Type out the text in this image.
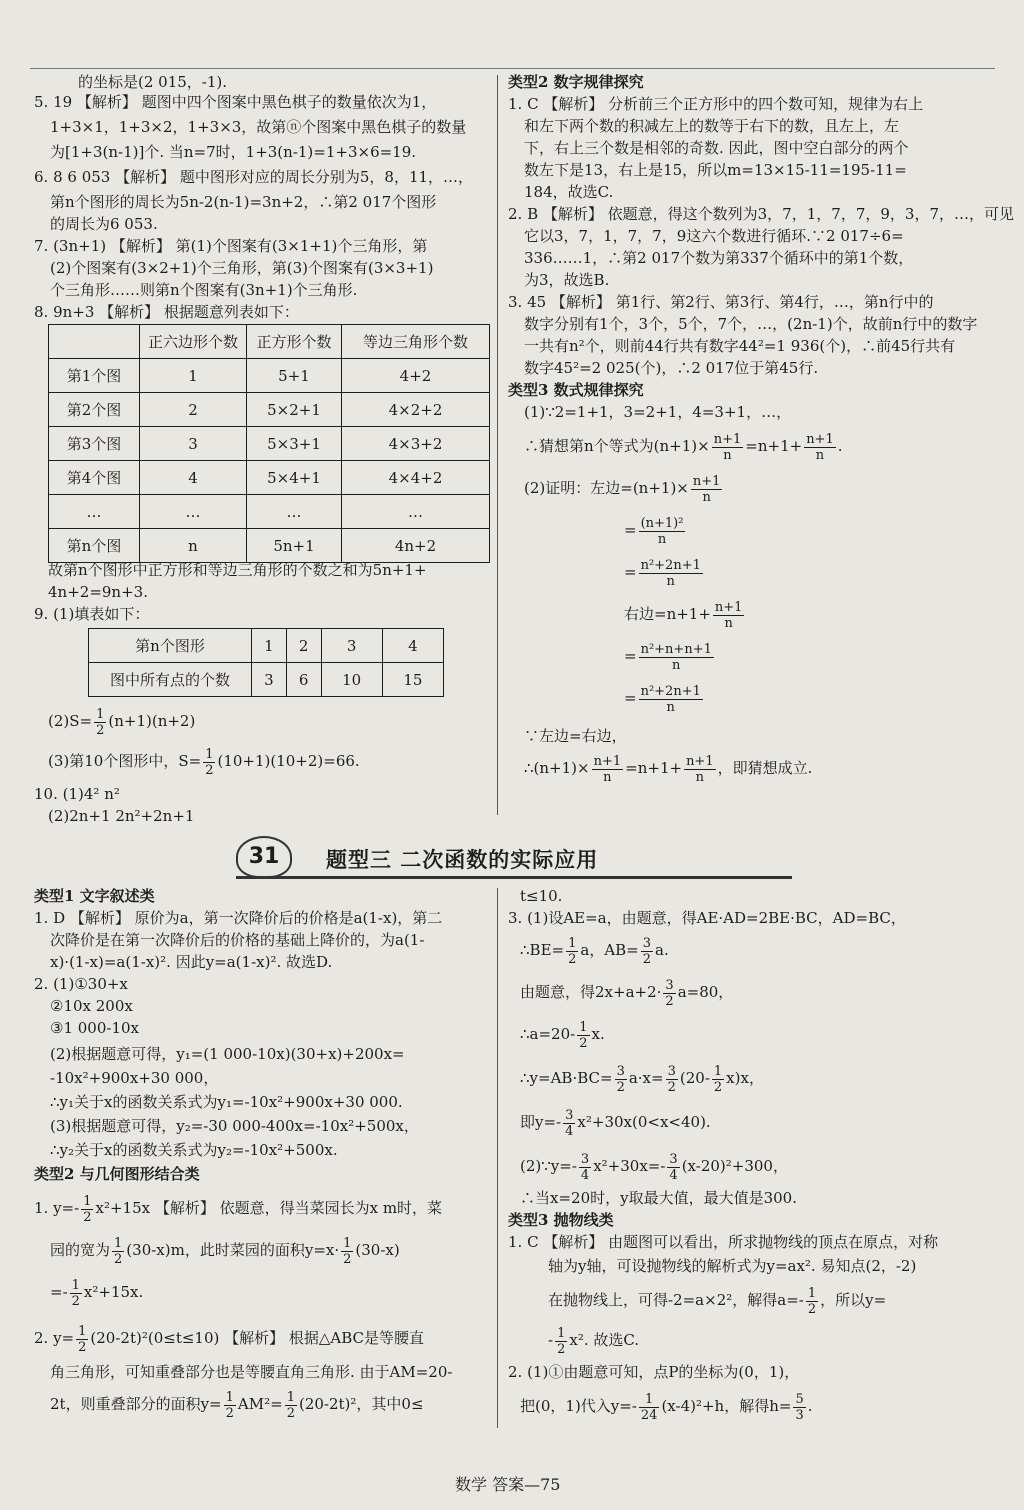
的坐标是(2 015，-1).
5. 19 【解析】 题图中四个图案中黑色棋子的数量依次为1，
1+3×1，1+3×2，1+3×3，故第ⓝ个图案中黑色棋子的数量
为[1+3(n-1)]个. 当n=7时，1+3(n-1)=1+3×6=19.
6. 8 6 053 【解析】 题中图形对应的周长分别为5，8，11，…，
第n个图形的周长为5n-2(n-1)=3n+2，∴第2 017个图形
的周长为6 053.
7. (3n+1) 【解析】 第(1)个图案有(3×1+1)个三角形，第
(2)个图案有(3×2+1)个三角形，第(3)个图案有(3×3+1)
个三角形……则第n个图案有(3n+1)个三角形.
8. 9n+3 【解析】 根据题意列表如下：
	正六边形个数	正方形个数	等边三角形个数
第1个图	1	5+1	4+2
第2个图	2	5×2+1	4×2+2
第3个图	3	5×3+1	4×3+2
第4个图	4	5×4+1	4×4+2
…	…	…	…
第n个图	n	5n+1	4n+2
故第n个图形中正方形和等边三角形的个数之和为5n+1+
4n+2=9n+3.
9. (1)填表如下：
第n个图形	1	2	3	4
图中所有点的个数	3	6	10	15
$(2)S= \frac{1}{2} (n+1)(n+2)$
(3)第10个图形中，$S= \frac{1}{2} (10+1)(10+2)=66$.
10. (1)4² n²
(2)2n+1 2n²+2n+1
类型2 数字规律探究
1. C 【解析】 分析前三个正方形中的四个数可知，规律为右上
和左下两个数的积减左上的数等于右下的数，且左上，左
下，右上三个数是相邻的奇数. 因此，图中空白部分的两个
数左下是13，右上是15，所以m=13×15-11=195-11=
184，故选C.
2. B 【解析】 依题意，得这个数列为3，7，1，7，7，9，3，7，…，可见
它以3，7，1，7，7，9这六个数进行循环.∵2 017÷6=
336……1，∴第2 017个数为第337个循环中的第1个数，
为3，故选B.
3. 45 【解析】 第1行、第2行、第3行、第4行，…，第n行中的
数字分别有1个，3个，5个，7个，…，(2n-1)个，故前n行中的数字
一共有n²个，则前44行共有数字44²=1 936(个)，∴前45行共有
数字45²=2 025(个)，∴2 017位于第45行.
类型3 数式规律探究
(1)∵2=1+1，3=2+1，4=3+1，…，
∴猜想第n个等式为$(n+1)\times \frac{n+1}{n} =n+1+ \frac{n+1}{n}$ .
(2)证明：左边$=(n+1)\times \frac{n+1}{n}$
= $\frac{\text{(n+1)²}}{n}$
= $\frac{\text{n²+2n+1}}{n}$
右边$=n+1+ \frac{n+1}{n}$
= $\frac{\text{n²+n+n+1}}{n}$
= $\frac{\text{n²+2n+1}}{n}$
∵左边=右边，
∴(n+1)× $\frac{n+1}{n} =n+1+ \frac{n+1}{n}$ ，即猜想成立.
31	题型三 二次函数的实际应用
类型1 文字叙述类
1. D 【解析】 原价为a，第一次降价后的价格是a(1-x)，第二
次降价是在第一次降价后的价格的基础上降价的，为a(1-
x)·(1-x)=a(1-x)². 因此y=a(1-x)². 故选D.
2. (1)①30+x
②10x 200x
③1 000-10x
(2)根据题意可得，y₁=(1 000-10x)(30+x)+200x=
-10x²+900x+30 000，
∴y₁关于x的函数关系式为y₁=-10x²+900x+30 000.
(3)根据题意可得，y₂=-30 000-400x=-10x²+500x，
∴y₂关于x的函数关系式为y₂=-10x²+500x.
类型2 与几何图形结合类
1. $y=- \frac{1}{2} x^2+15x$ 【解析】 依题意，得当菜园长为x m时，菜
园的宽为 $\frac{1}{2} (30-x)m$，此时菜园的面积$y=x\cdot \frac{1}{2} (30-x)$
=- $\frac{1}{2} x^2+15x$.
2. $y= \frac{1}{2} (20-2t)^2(0\le t\le 10)$ 【解析】 根据△ABC是等腰直
角三角形，可知重叠部分也是等腰直角三角形. 由于AM=20-
2t，则重叠部分的面积$y= \frac{1}{2} AM^2= \frac{1}{2} (20-2t)^2$，其中0≤
t≤10.
3. (1)设AE=a，由题意，得AE·AD=2BE·BC，AD=BC，
∴BE= $\frac{1}{2}$ a，$AB= \frac{3}{2} a$.
由题意，得$2x+a+2\cdot \frac{3}{2} a=80$，
∴a=20- $\frac{1}{2} x$.
∴y=AB·BC= $\frac{3}{2} a\cdot x= \frac{3}{2} (20- \frac{1}{2} x)x$，
即$y=- \frac{3}{4} x^2+30x(0<x<40)$.
(2)∵y=- $\frac{3}{4} x^2+30x=- \frac{3}{4} (x-20)^2+300$，
∴当x=20时，y取最大值，最大值是300.
类型3 抛物线类
1. C 【解析】 由题图可以看出，所求抛物线的顶点在原点，对称
轴为y轴，可设抛物线的解析式为y=ax². 易知点(2，-2)
在抛物线上，可得-2=a×2²，解得$a=- \frac{1}{2}$ ，所以y=
- $\frac{1}{2} x^2$. 故选C.
2. (1)①由题意可知，点P的坐标为(0，1)，
把(0，1)代入$y=- \frac{1}{24} (x-4)^2+h$，解得$h= \frac{5}{3}$ .
数学 答案—75
